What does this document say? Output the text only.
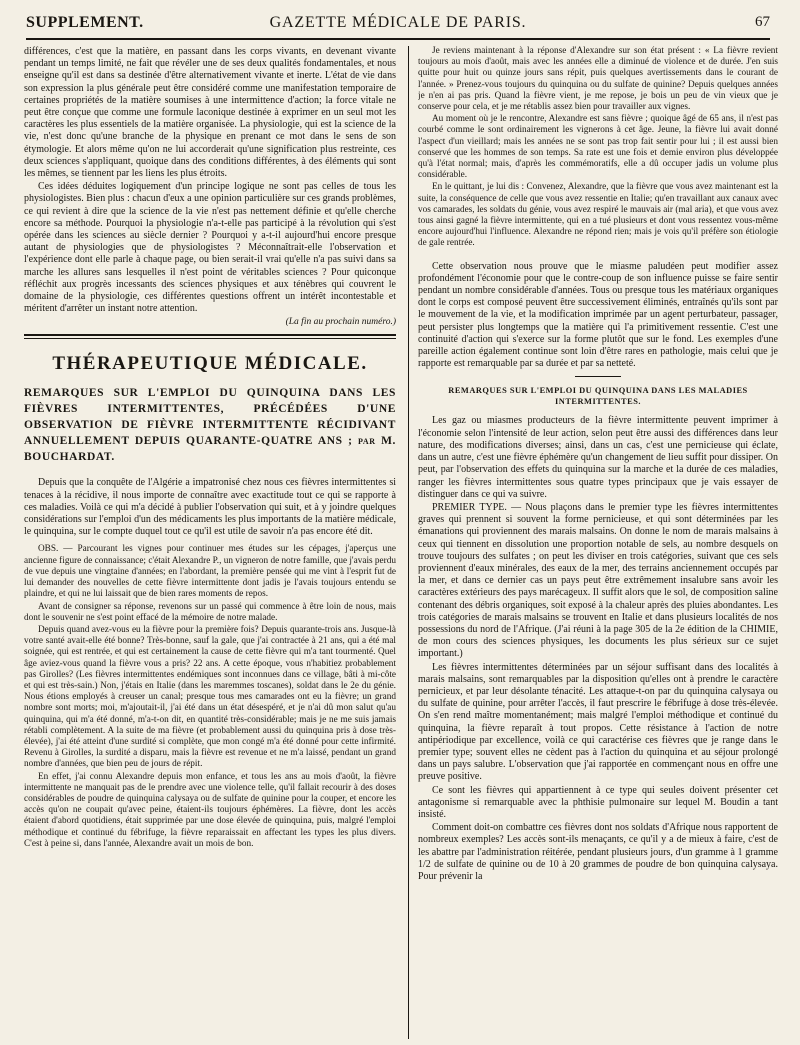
SUPPLEMENT.	GAZETTE MÉDICALE DE PARIS.	67

différences, c'est que la matière, en passant dans les corps vivants, en devenant vivante pendant un temps limité, ne fait que révéler une de ses deux qualités fondamentales, et nous enseigne qu'il est dans sa destinée d'être alternativement vivante et inerte. L'état de vie dans son expression la plus générale peut être considéré comme une manifestation temporaire de certaines propriétés de la matière soumises à une intermittence d'action; la force vitale ne peut être conçue que comme une formule laconique destinée à exprimer en un seul mot les caractères les plus essentiels de la matière organisée. La physiologie, qui est la science de la vie, n'est donc qu'une branche de la physique en prenant ce mot dans le sens de son étymologie. Et alors même qu'on ne lui accorderait qu'une signification plus restreinte, ces deux sciences s'appliquant, quoique dans des conditions différentes, à des éléments qui sont les mêmes, se tiennent par les liens les plus étroits.

Ces idées déduites logiquement d'un principe logique ne sont pas celles de tous les physiologistes. Bien plus : chacun d'eux a une opinion particulière sur ces grands problèmes, ce qui revient à dire que la science de la vie n'est pas nettement définie et qu'elle cherche encore sa méthode. Pourquoi la physiologie n'a-t-elle pas participé à la révolution qui s'est opérée dans les sciences au siècle dernier ? Pourquoi y a-t-il aujourd'hui encore presque autant de physiologies que de physiologistes ? Méconnaîtrait-elle l'observation et l'expérience dont elle parle à chaque page, ou bien serait-il vrai qu'elle n'a pas suivi dans sa marche les allures sans lesquelles il n'est point de véritables sciences ? Pour quiconque réfléchit aux progrès incessants des sciences physiques et aux ténèbres qui couvrent le domaine de la physiologie, ces différentes questions offrent un intérêt incontestable et méritent d'arrêter un instant notre attention.

(La fin au prochain numéro.)
THÉRAPEUTIQUE MÉDICALE.
REMARQUES SUR L'EMPLOI DU QUINQUINA DANS LES FIÈVRES INTERMITTENTES, PRÉCÉDÉES D'UNE OBSERVATION DE FIÈVRE INTERMITTENTE RÉCIDIVANT ANNUELLEMENT DEPUIS QUARANTE-QUATRE ANS ; par M. BOUCHARDAT.

Depuis que la conquête de l'Algérie a impatronisé chez nous ces fièvres intermittentes si tenaces à la récidive, il nous importe de connaître avec exactitude tout ce qui se rapporte à ces maladies. Voilà ce qui m'a décidé à publier l'observation qui suit, et à y joindre quelques considérations sur l'emploi d'un des médicaments les plus importants de la matière médicale, le quinquina, sur le compte duquel tout ce qu'il est utile de savoir n'a pas encore été dit.

OBS. — Parcourant les vignes pour continuer mes études sur les cépages, j'aperçus une ancienne figure de connaissance; c'était Alexandre P., un vigneron de notre famille, que j'avais perdu de vue depuis une vingtaine d'années; en l'abordant, la première pensée qui me vint à l'esprit fut de lui demander des nouvelles de cette fièvre intermittente dont jadis je l'avais toujours entendu se plaindre, et qui ne lui laissait que de bien rares moments de repos.

Avant de consigner sa réponse, revenons sur un passé qui commence à être loin de nous, mais dont le souvenir ne s'est point effacé de la mémoire de notre malade.

Depuis quand avez-vous eu la fièvre pour la première fois? Depuis quarante-trois ans. Jusque-là votre santé avait-elle été bonne? Très-bonne, sauf la gale, que j'ai contractée à 21 ans, qui a été mal soignée, qui est rentrée, et qui est certainement la cause de cette fièvre qui m'a tant tourmenté. Quel âge aviez-vous quand la fièvre vous a pris? 22 ans. A cette époque, vous n'habitiez probablement pas Girolles? (Les fièvres intermittentes endémiques sont inconnues dans ce village, bâti à mi-côte et qui est très-sain.) Non, j'étais en Italie (dans les maremmes toscanes), soldat dans le 2e du génie. Nous étions employés à creuser un canal; presque tous mes camarades ont eu la fièvre; un grand nombre sont morts; moi, m'ajoutait-il, j'ai été dans un état désespéré, et je n'ai dû mon salut qu'au quinquina, qui m'a été donné, m'a-t-on dit, en quantité très-considérable; mais je ne me suis jamais rétabli complètement. A la suite de ma fièvre (et probablement aussi du quinquina pris à dose très-élevée), j'ai été atteint d'une surdité si complète, que mon congé m'a été donné pour cette infirmité. Revenu à Girolles, la surdité a disparu, mais la fièvre est revenue et ne m'a laissé, pendant un grand nombre d'années, que bien peu de jours de répit.

En effet, j'ai connu Alexandre depuis mon enfance, et tous les ans au mois d'août, la fièvre intermittente ne manquait pas de le prendre avec une violence telle, qu'il fallait recourir à des doses considérables de poudre de quinquina calysaya ou de sulfate de quinine pour la couper, et encore les accès qu'on ne coupait qu'avec peine, étaient-ils toujours éphémères. La fièvre, dont les accès étaient d'abord quotidiens, était supprimée par une dose élevée de quinquina, puis, malgré l'emploi méthodique et continué du fébrifuge, la fièvre reparaissait en affectant les types les plus divers. C'est à peine si, dans l'année, Alexandre avait un mois de bon.

Je reviens maintenant à la réponse d'Alexandre sur son état présent : « La fièvre revient toujours au mois d'août, mais avec les années elle a diminué de violence et de durée. J'en suis quitte pour huit ou quinze jours sans répit, puis quelques avertissements dans le courant de l'année. » Prenez-vous toujours du quinquina ou du sulfate de quinine? Depuis quelques années je n'en ai pas pris. Quand la fièvre vient, je me repose, je bois un peu de vin vieux que je conserve pour cela, et je me rétablis assez bien pour travailler aux vignes.

Au moment où je le rencontre, Alexandre est sans fièvre ; quoique âgé de 65 ans, il n'est pas courbé comme le sont ordinairement les vignerons à cet âge. Jeune, la fièvre lui avait donné l'aspect d'un vieillard; mais les années ne se sont pas trop fait sentir pour lui ; il est aussi bien conservé que les hommes de son temps. Sa rate est une fois et demie environ plus développée qu'à l'état normal; mais, d'après les commémoratifs, elle a dû occuper jadis un volume plus considérable.

En le quittant, je lui dis : Convenez, Alexandre, que la fièvre que vous avez maintenant est la suite, la conséquence de celle que vous avez ressentie en Italie; qu'en travaillant aux canaux avec vos camarades, les soldats du génie, vous avez respiré le mauvais air (mal aria), et que vous avez tous ainsi gagné la fièvre intermittente, qui en a tué plusieurs et dont vous ressentez vous-même encore aujourd'hui l'influence. Alexandre ne répond rien; mais je vois qu'il préfère son étiologie de gale rentrée.

Cette observation nous prouve que le miasme paludéen peut modifier assez profondément l'économie pour que le contre-coup de son influence puisse se faire sentir pendant un nombre considérable d'années. Tous ou presque tous les matériaux organiques dont le corps est composé peuvent être successivement éliminés, entraînés qu'ils sont par le mouvement de la vie, et la modification imprimée par un agent perturbateur, passager, peut persister plus longtemps que la matière qui l'a primitivement ressentie. C'est une continuité d'action qui s'exerce sur la forme plutôt que sur le fond. Les exemples d'une pareille action également continue sont loin d'être rares en pathologie, mais celui que je rapporte est remarquable par sa durée et par sa netteté.

REMARQUES SUR L'EMPLOI DU QUINQUINA DANS LES MALADIES INTERMITTENTES.

Les gaz ou miasmes producteurs de la fièvre intermittente peuvent imprimer à l'économie selon l'intensité de leur action, selon peut être aussi des différences dans leur nature, des modifications diverses; ainsi, dans un cas, c'est une pernicieuse qui éclate, dans un autre, c'est une fièvre éphémère qu'un changement de lieu suffit pour dissiper. On peut, par l'observation des effets du quinquina sur la marche et la durée de ces maladies, ranger les fièvres intermittentes sous quatre types principaux que je vais essayer de distinguer dans ce qui va suivre.

PREMIER TYPE. — Nous plaçons dans le premier type les fièvres intermittentes graves qui prennent si souvent la forme pernicieuse, et qui sont déterminées par les émanations qui proviennent des marais malsains. On donne le nom de marais malsains à ceux qui tiennent en dissolution une proportion notable de sels, au nombre desquels on trouve toujours des sulfates ; on peut les diviser en trois catégories, suivant que ces sels proviennent d'eaux minérales, des eaux de la mer, des terrains anciennement occupés par la mer, et dans ce dernier cas un pays peut être extrêmement insalubre sans avoir les caractères extérieurs des pays marécageux. Il suffit alors que le sol, de composition saline contenant des débris organiques, soit exposé à la chaleur après des pluies abondantes. Les trois catégories de marais malsains se trouvent en Italie et dans plusieurs localités de nos possessions du nord de l'Afrique. (J'ai réuni à la page 305 de la 2e édition de la CHIMIE, de mon cours des sciences physiques, les documents les plus sérieux sur ce sujet important.)

Les fièvres intermittentes déterminées par un séjour suffisant dans des localités à marais malsains, sont remarquables par la disposition qu'elles ont à prendre le caractère pernicieux, et par leur désolante ténacité. Les attaque-t-on par du quinquina calysaya ou du sulfate de quinine, pour arrêter l'accès, il faut prescrire le fébrifuge à dose très-élevée. On s'en rend maître momentanément; mais malgré l'emploi méthodique et continué du quinquina, la fièvre reparaît à tout propos. Cette résistance à l'action de notre antipériodique par excellence, voilà ce qui caractérise ces fièvres que je range dans le premier type; souvent elles ne cèdent pas à l'action du quinquina et au séjour prolongé dans un pays salubre. L'observation que j'ai rapportée en commençant nous en offre une preuve positive.

Ce sont les fièvres qui appartiennent à ce type qui seules doivent présenter cet antagonisme si remarquable avec la phthisie pulmonaire sur lequel M. Boudin a tant insisté.

Comment doit-on combattre ces fièvres dont nos soldats d'Afrique nous rapportent de nombreux exemples? Les accès sont-ils menaçants, ce qu'il y a de mieux à faire, c'est de les abattre par l'administration réitérée, pendant plusieurs jours, d'un gramme à 1 gramme 1/2 de sulfate de quinine ou de 10 à 20 grammes de poudre de bon quinquina calysaya. Pour prévenir la
